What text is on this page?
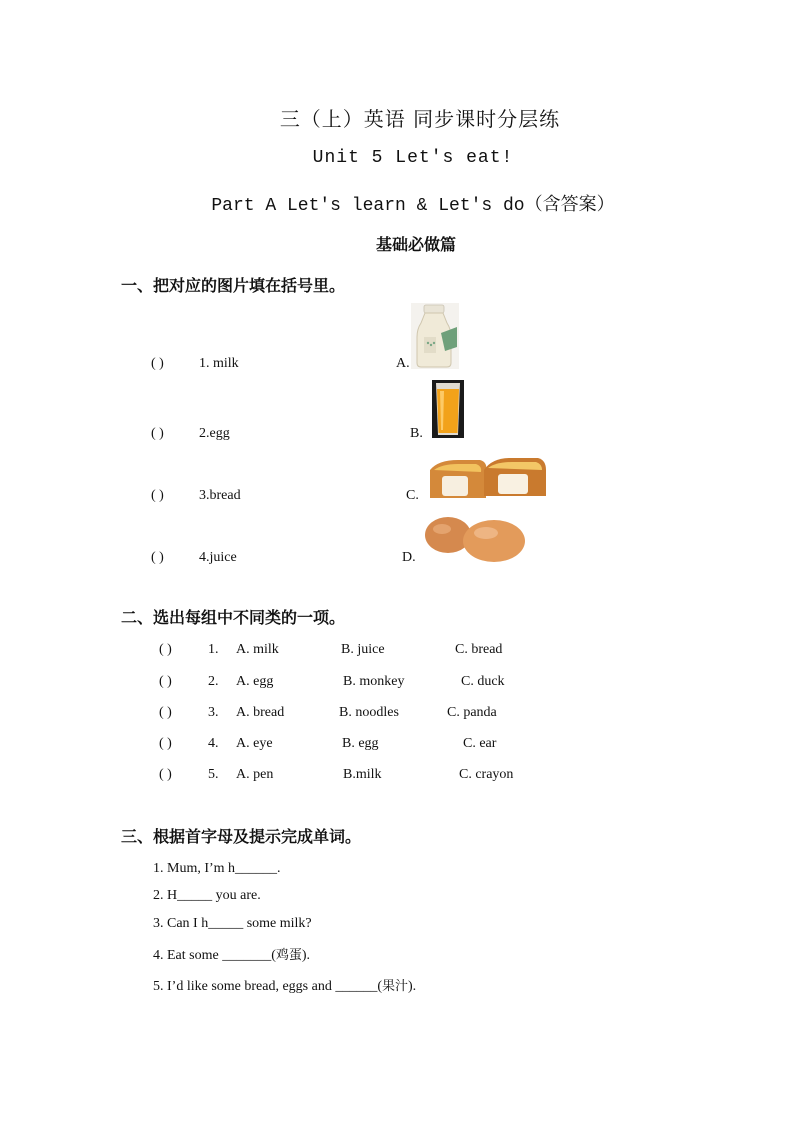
三（上）英语 同步课时分层练
Unit 5 Let's eat!
Part A Let's learn & Let's do（含答案）
基础必做篇
一、把对应的图片填在括号里。
( )	1. milk	A.
( )	2.egg	B.
( )	3.bread	C.
( )	4.juice	D.
二、选出每组中不同类的一项。
( )	1. A. milk	B. juice	C. bread
( )	2. A. egg	B. monkey	C. duck
( )	3. A. bread	B. noodles	C. panda
( )	4. A. eye	B. egg	C. ear
( )	5. A. pen	B.milk	C. crayon
三、根据首字母及提示完成单词。
1. Mum, I’m h______.
2. H_____ you are.
3. Can I h_____ some milk?
4. Eat some _______(鸡蛋).
5. I’d like some bread, eggs and ______(果汁).
